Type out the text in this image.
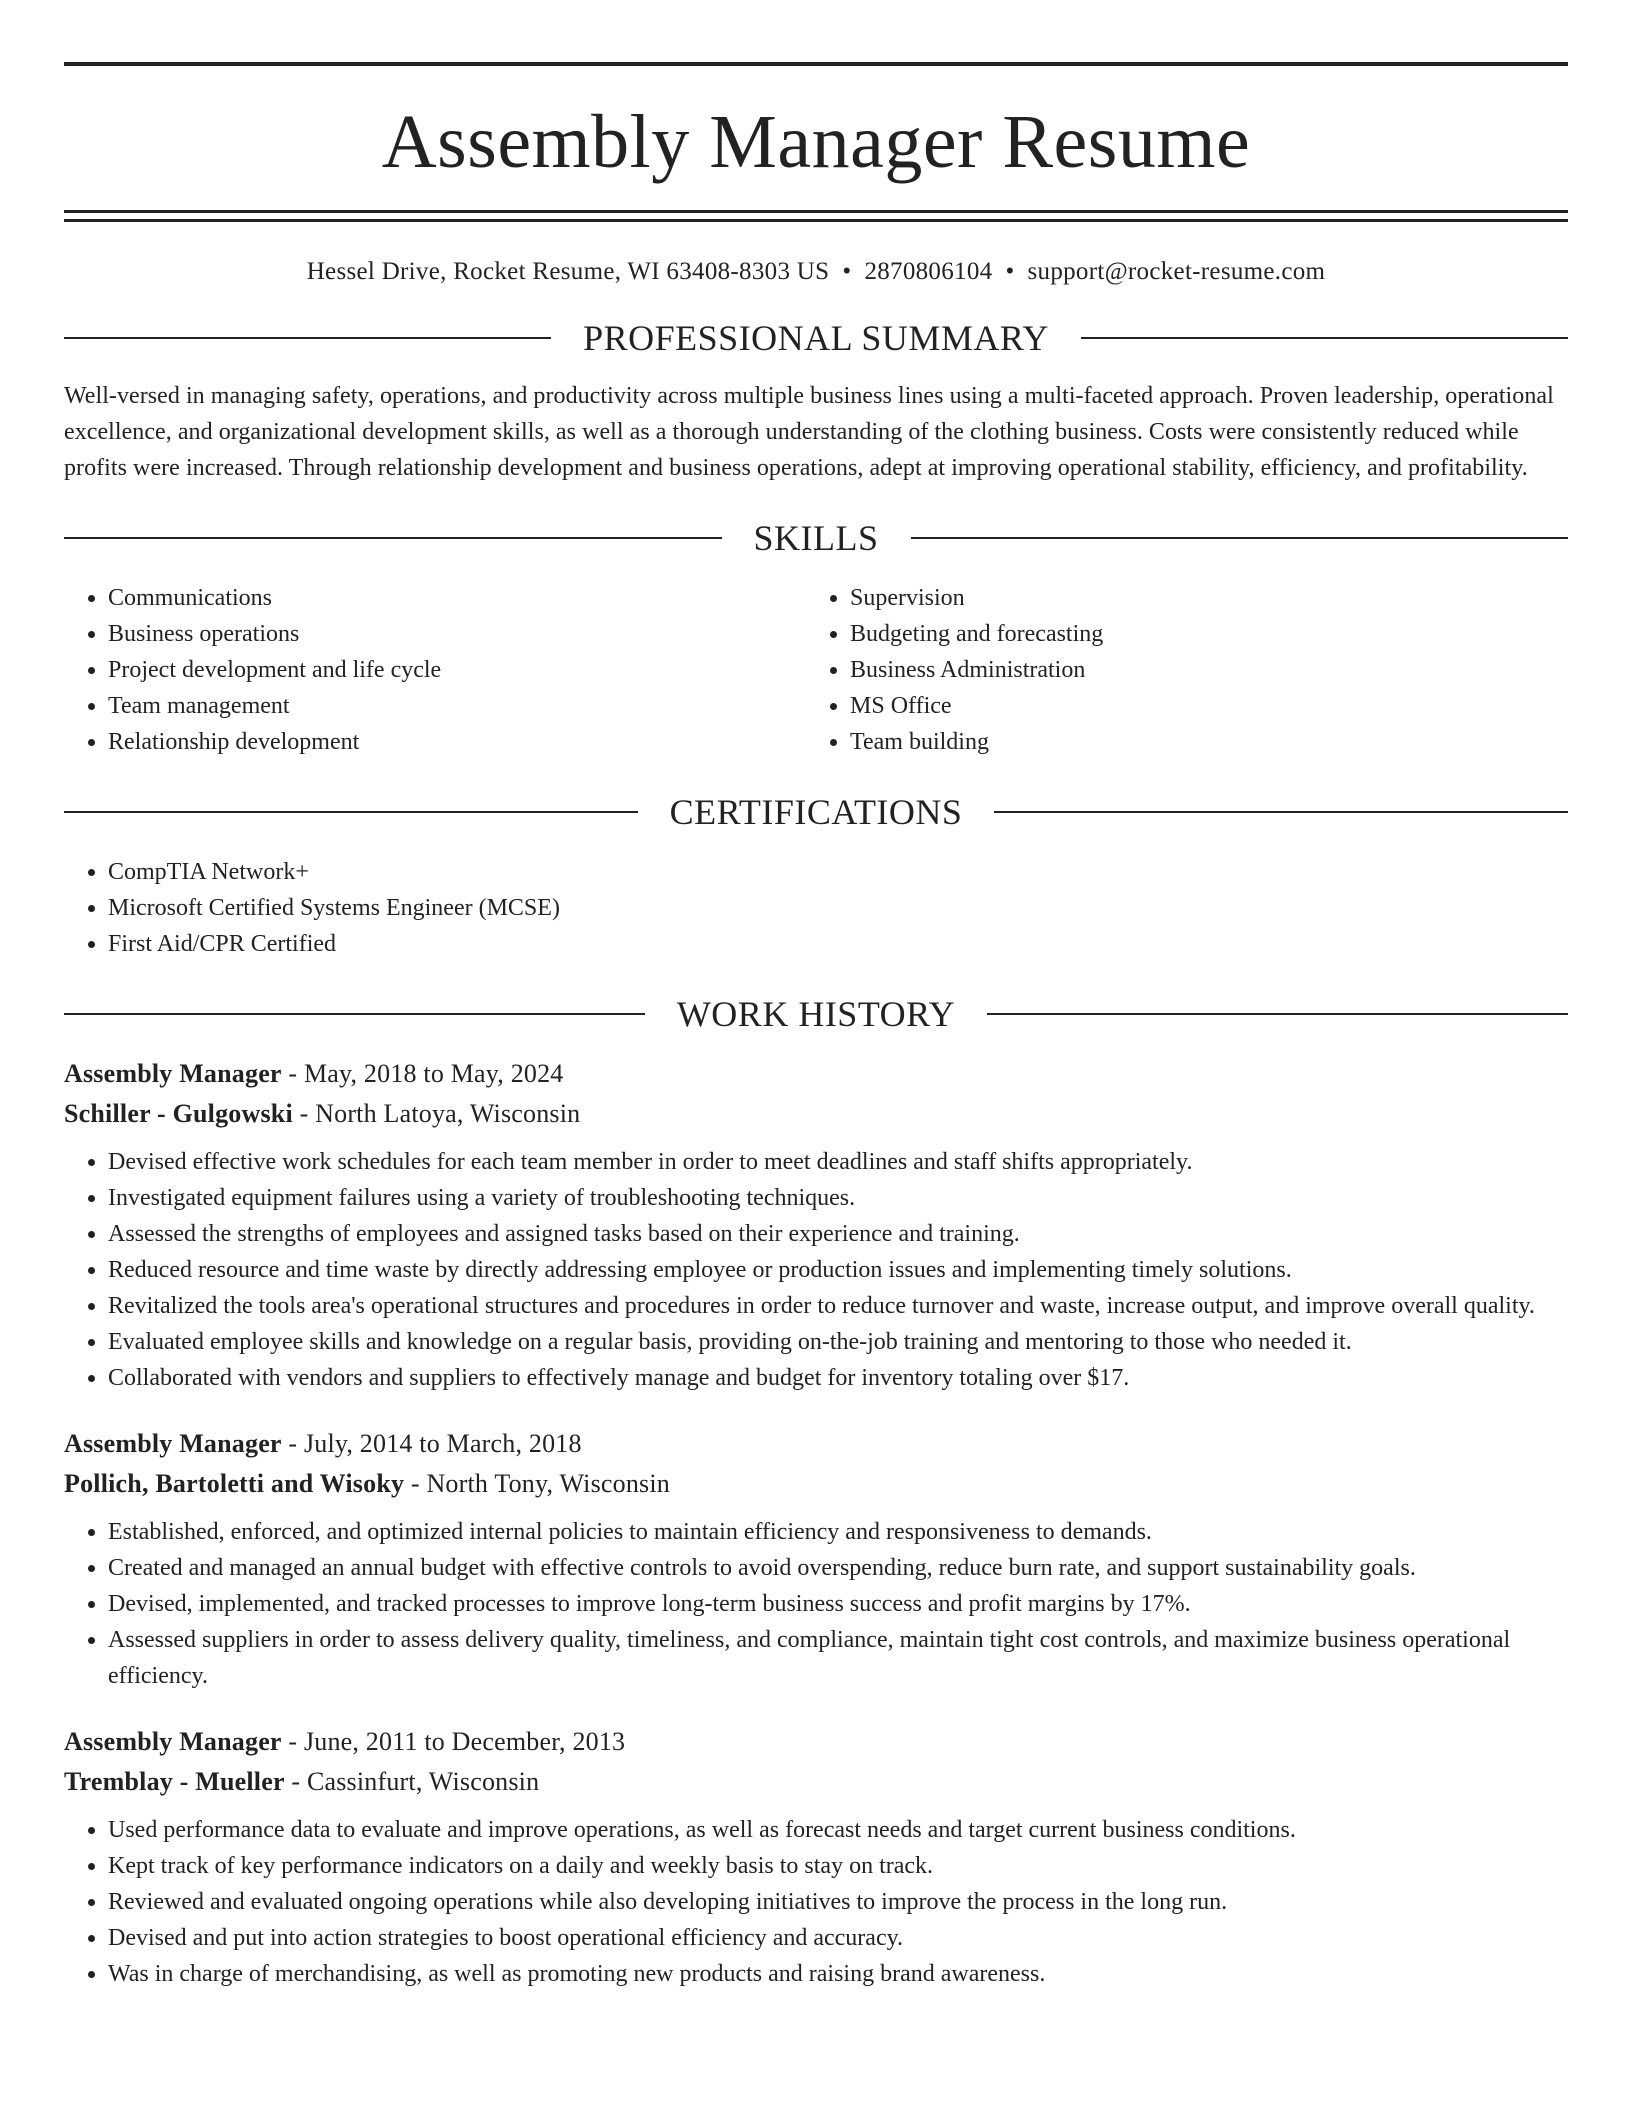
Assembly Manager Resume
Hessel Drive, Rocket Resume, WI 63408-8303 US • 2870806104 • support@rocket-resume.com
PROFESSIONAL SUMMARY
Well-versed in managing safety, operations, and productivity across multiple business lines using a multi-faceted approach. Proven leadership, operational excellence, and organizational development skills, as well as a thorough understanding of the clothing business. Costs were consistently reduced while profits were increased. Through relationship development and business operations, adept at improving operational stability, efficiency, and profitability.
SKILLS
• Communications
• Business operations
• Project development and life cycle
• Team management
• Relationship development
• Supervision
• Budgeting and forecasting
• Business Administration
• MS Office
• Team building
CERTIFICATIONS
• CompTIA Network+
• Microsoft Certified Systems Engineer (MCSE)
• First Aid/CPR Certified
WORK HISTORY
Assembly Manager - May, 2018 to May, 2024
Schiller - Gulgowski - North Latoya, Wisconsin
• Devised effective work schedules for each team member in order to meet deadlines and staff shifts appropriately.
• Investigated equipment failures using a variety of troubleshooting techniques.
• Assessed the strengths of employees and assigned tasks based on their experience and training.
• Reduced resource and time waste by directly addressing employee or production issues and implementing timely solutions.
• Revitalized the tools area's operational structures and procedures in order to reduce turnover and waste, increase output, and improve overall quality.
• Evaluated employee skills and knowledge on a regular basis, providing on-the-job training and mentoring to those who needed it.
• Collaborated with vendors and suppliers to effectively manage and budget for inventory totaling over $17.
Assembly Manager - July, 2014 to March, 2018
Pollich, Bartoletti and Wisoky - North Tony, Wisconsin
• Established, enforced, and optimized internal policies to maintain efficiency and responsiveness to demands.
• Created and managed an annual budget with effective controls to avoid overspending, reduce burn rate, and support sustainability goals.
• Devised, implemented, and tracked processes to improve long-term business success and profit margins by 17%.
• Assessed suppliers in order to assess delivery quality, timeliness, and compliance, maintain tight cost controls, and maximize business operational efficiency.
Assembly Manager - June, 2011 to December, 2013
Tremblay - Mueller - Cassinfurt, Wisconsin
• Used performance data to evaluate and improve operations, as well as forecast needs and target current business conditions.
• Kept track of key performance indicators on a daily and weekly basis to stay on track.
• Reviewed and evaluated ongoing operations while also developing initiatives to improve the process in the long run.
• Devised and put into action strategies to boost operational efficiency and accuracy.
• Was in charge of merchandising, as well as promoting new products and raising brand awareness.
